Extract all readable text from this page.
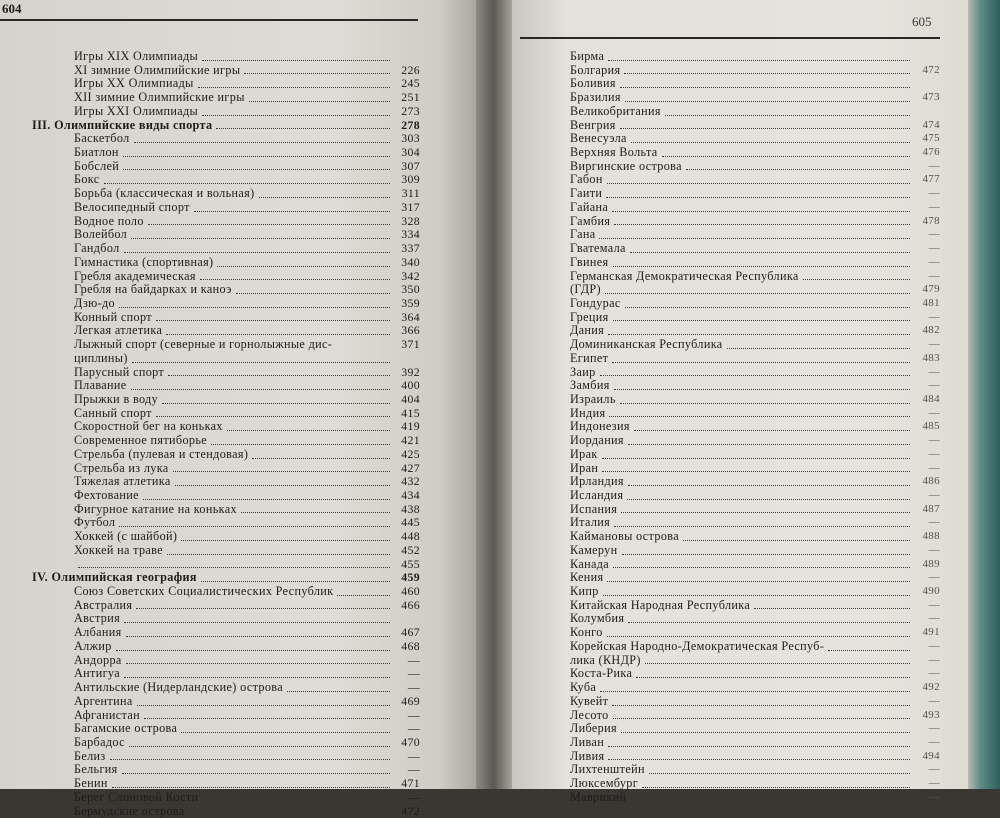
604
Игры XIX Олимпиады
XI зимние Олимпийские игры	226
Игры XX Олимпиады	245
XII зимние Олимпийские игры	251
Игры XXI Олимпиады	273
III. Олимпийские виды спорта	278
Баскетбол	303
Биатлон	304
Бобслей	307
Бокс	309
Борьба (классическая и вольная)	311
Велосипедный спорт	317
Водное поло	328
Волейбол	334
Гандбол	337
Гимнастика (спортивная)	340
Гребля академическая	342
Гребля на байдарках и каноэ	350
Дзю-до	359
Конный спорт	364
Легкая атлетика	366
Лыжный спорт (северные и горнолыжные дис-	371
циплины)
Парусный спорт	392
Плавание	400
Прыжки в воду	404
Санный спорт	415
Скоростной бег на коньках	419
Современное пятиборье	421
Стрельба (пулевая и стендовая)	425
Стрельба из лука	427
Тяжелая атлетика	432
Фехтование	434
Фигурное катание на коньках	438
Футбол	445
Хоккей (с шайбой)	448
Хоккей на траве	452
455
IV. Олимпийская география	459
Союз Советских Социалистических Республик	460
Австралия	466
Австрия
Албания	467
Алжир	468
Андорра	—
Антигуа	—
Антильские (Нидерландские) острова	—
Аргентина	469
Афганистан	—
Багамские острова	—
Барбадос	470
Белиз	—
Бельгия	—
Бенин	471
Берег Слоновой Кости	—
Бермудские острова	472
605
Бирма
Болгария	472
Боливия
Бразилия	473
Великобритания
Венгрия	474
Венесуэла	475
Верхняя Вольта	476
Виргинские острова	—
Габон	477
Гаити	—
Гайана	—
Гамбия	478
Гана	—
Гватемала	—
Гвинея	—
Германская Демократическая Республика	—
(ГДР)	479
Гондурас	481
Греция	—
Дания	482
Доминиканская Республика	—
Египет	483
Заир	—
Замбия	—
Израиль	484
Индия	—
Индонезия	485
Иордания	—
Ирак	—
Иран	—
Ирландия	486
Исландия	—
Испания	487
Италия	—
Каймановы острова	488
Камерун	—
Канада	489
Кения	—
Кипр	490
Китайская Народная Республика	—
Колумбия	—
Конго	491
Корейская Народно-Демократическая Респуб-	—
лика (КНДР)	—
Коста-Рика	—
Куба	492
Кувейт	—
Лесото	493
Либерия	—
Ливан	—
Ливия	494
Лихтенштейн	—
Люксембург	—
Маврикий	—
